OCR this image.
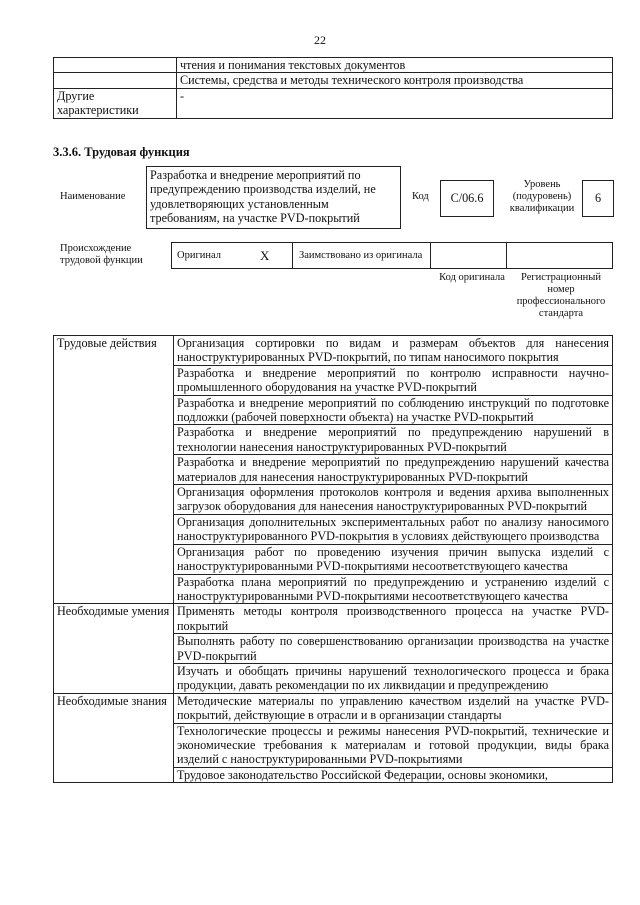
22
	чтения и понимания текстовых документов
	Системы, средства и методы технического контроля производства
Другие характеристики	-
3.3.6. Трудовая функция
Наименование
Разработка и внедрение мероприятий по предупреждению производства изделий, не удовлетворяющих установленным требованиям, на участке PVD-покрытий
Код	С/06.6
Уровень (подуровень) квалификации
6
Происхождение трудовой функции	Оригинал	X	Заимствовано из оригинала
Код оригинала	Регистрационный номер профессионального стандарта
Трудовые действия	Организация сортировки по видам и размерам объектов для нанесения наноструктурированных PVD-покрытий, по типам наносимого покрытия
	Разработка и внедрение мероприятий по контролю исправности научно-промышленного оборудования на участке PVD-покрытий
	Разработка и внедрение мероприятий по соблюдению инструкций по подготовке подложки (рабочей поверхности объекта) на участке PVD-покрытий
	Разработка и внедрение мероприятий по предупреждению нарушений в технологии нанесения наноструктурированных PVD-покрытий
	Разработка и внедрение мероприятий по предупреждению нарушений качества материалов для нанесения наноструктурированных PVD-покрытий
	Организация оформления протоколов контроля и ведения архива выполненных загрузок оборудования для нанесения наноструктурированных PVD-покрытий
	Организация дополнительных экспериментальных работ по анализу наносимого наноструктурированного PVD-покрытия в условиях действующего производства
	Организация работ по проведению изучения причин выпуска изделий с наноструктурированными PVD-покрытиями несоответствующего качества
	Разработка плана мероприятий по предупреждению и устранению изделий с наноструктурированными PVD-покрытиями несоответствующего качества
Необходимые умения	Применять методы контроля производственного процесса на участке PVD-покрытий
	Выполнять работу по совершенствованию организации производства на участке PVD-покрытий
	Изучать и обобщать причины нарушений технологического процесса и брака продукции, давать рекомендации по их ликвидации и предупреждению
Необходимые знания	Методические материалы по управлению качеством изделий на участке PVD-покрытий, действующие в отрасли и в организации стандарты
	Технологические процессы и режимы нанесения PVD-покрытий, технические и экономические требования к материалам и готовой продукции, виды брака изделий с наноструктурированными PVD-покрытиями
	Трудовое законодательство Российской Федерации, основы экономики,
